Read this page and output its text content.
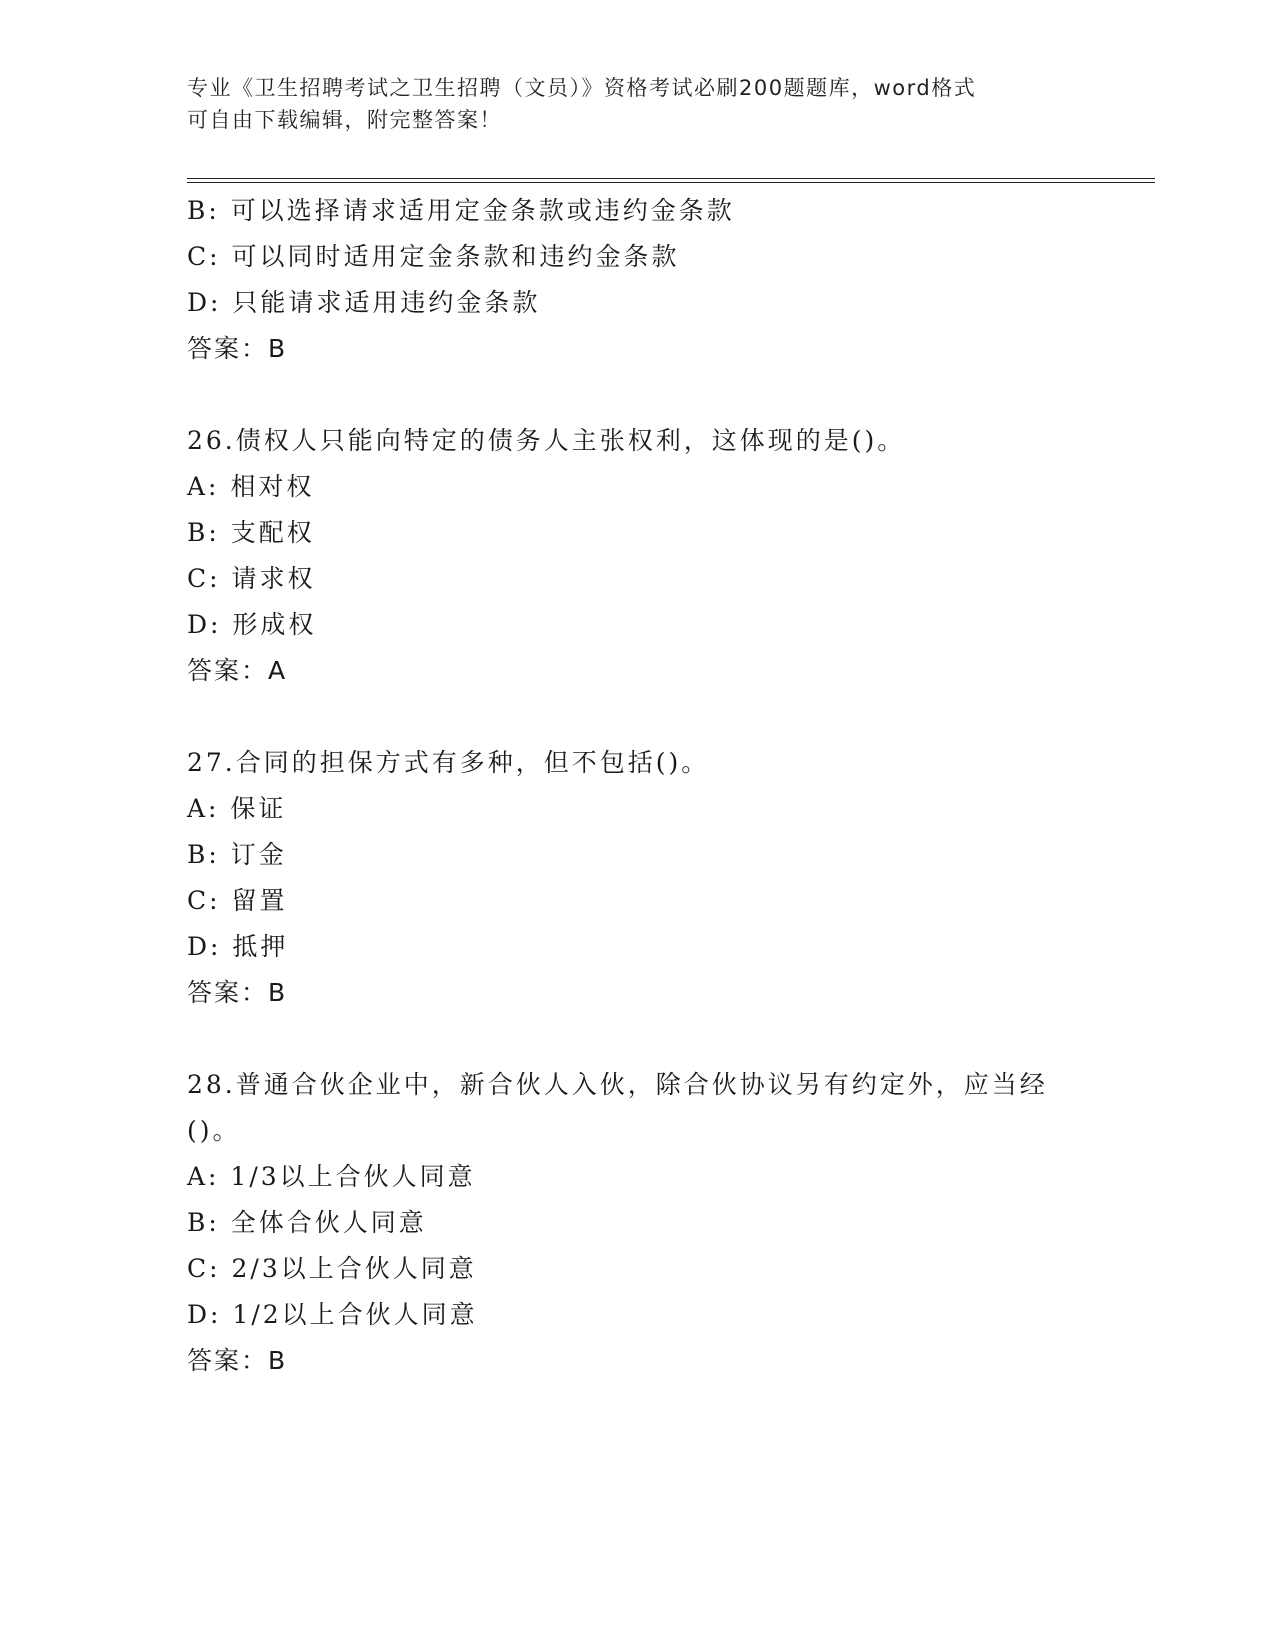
专业《卫生招聘考试之卫生招聘（文员）》资格考试必刷200题题库，word格式
可自由下载编辑，附完整答案！
B: 可以选择请求适用定金条款或违约金条款
C: 可以同时适用定金条款和违约金条款
D: 只能请求适用违约金条款
答案：B
26.债权人只能向特定的债务人主张权利，这体现的是()。
A: 相对权
B: 支配权
C: 请求权
D: 形成权
答案：A
27.合同的担保方式有多种，但不包括()。
A: 保证
B: 订金
C: 留置
D: 抵押
答案：B
28.普通合伙企业中，新合伙人入伙，除合伙协议另有约定外，应当经
()。
A: 1/3以上合伙人同意
B: 全体合伙人同意
C: 2/3以上合伙人同意
D: 1/2以上合伙人同意
答案：B
